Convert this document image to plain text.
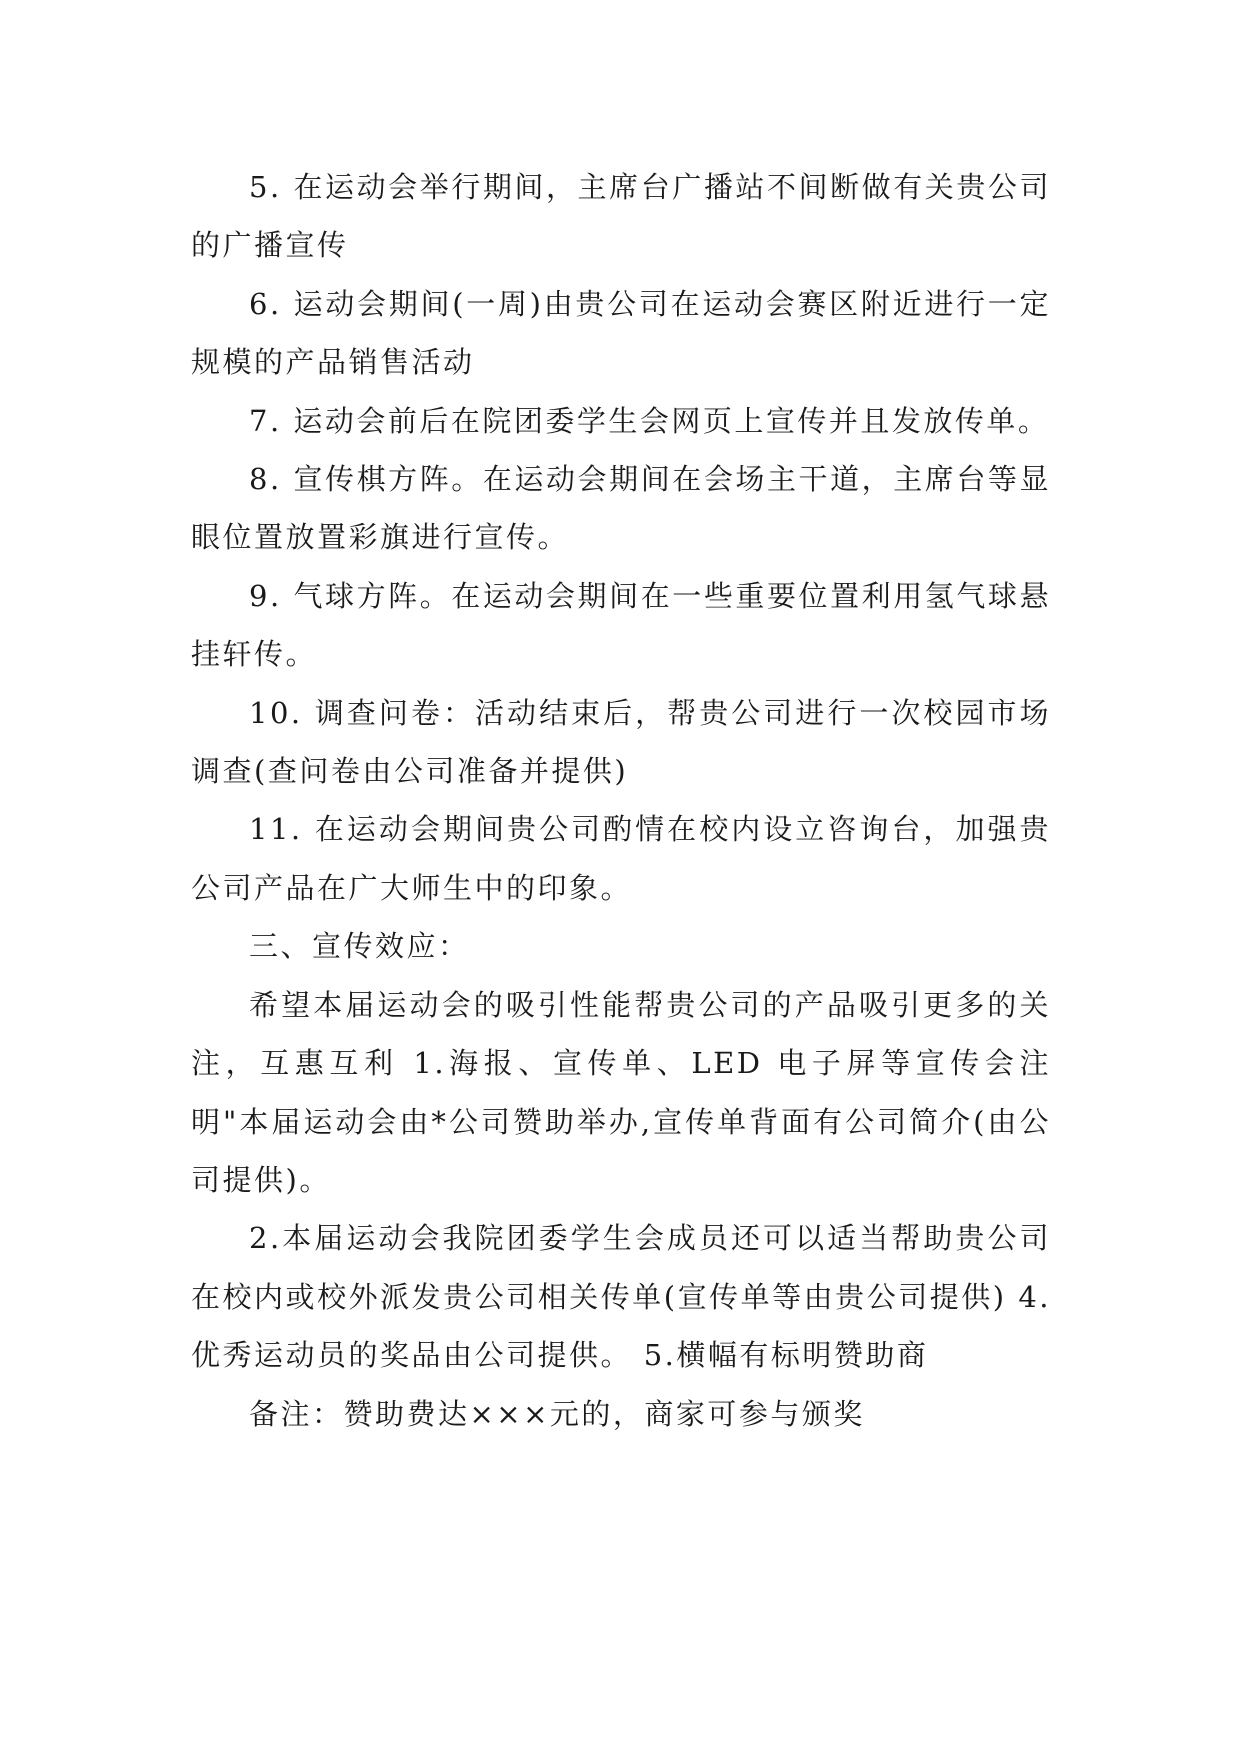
5. 在运动会举行期间，主席台广播站不间断做有关贵公司的广播宣传

6. 运动会期间(一周)由贵公司在运动会赛区附近进行一定规模的产品销售活动

7. 运动会前后在院团委学生会网页上宣传并且发放传单。

8. 宣传棋方阵。在运动会期间在会场主干道，主席台等显眼位置放置彩旗进行宣传。

9. 气球方阵。在运动会期间在一些重要位置利用氢气球悬挂轩传。

10. 调查问卷：活动结束后，帮贵公司进行一次校园市场调查(查问卷由公司准备并提供)

11. 在运动会期间贵公司酌情在校内设立咨询台，加强贵公司产品在广大师生中的印象。

三、宣传效应：

希望本届运动会的吸引性能帮贵公司的产品吸引更多的关注，互惠互利 1.海报、宣传单、LED 电子屏等宣传会注明"本届运动会由*公司赞助举办,宣传单背面有公司简介(由公司提供)。

2.本届运动会我院团委学生会成员还可以适当帮助贵公司在校内或校外派发贵公司相关传单(宣传单等由贵公司提供) 4.优秀运动员的奖品由公司提供。 5.横幅有标明赞助商

备注：赞助费达×××元的，商家可参与颁奖
